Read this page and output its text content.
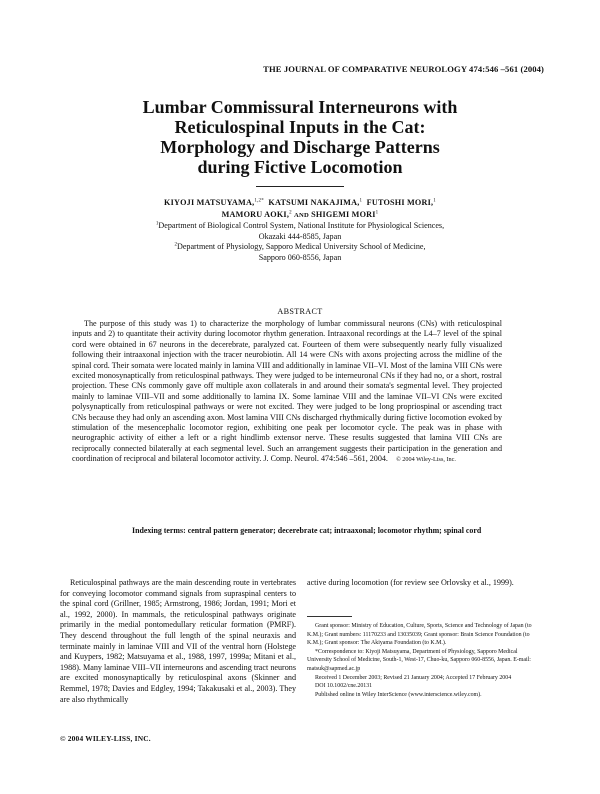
THE JOURNAL OF COMPARATIVE NEUROLOGY 474:546 –561 (2004)
Lumbar Commissural Interneurons with
Reticulospinal Inputs in the Cat:
Morphology and Discharge Patterns
during Fictive Locomotion
KIYOJI MATSUYAMA,$^{1,2*}$ KATSUMI NAKAJIMA,$^1$ FUTOSHI MORI,$^1$
MAMORU AOKI,$^2$ AND SHIGEMI MORI$^1$
$^1$Department of Biological Control System, National Institute for Physiological Sciences,
Okazaki 444-8585, Japan
$^2$Department of Physiology, Sapporo Medical University School of Medicine,
Sapporo 060-8556, Japan
ABSTRACT
The purpose of this study was 1) to characterize the morphology of lumbar commissural neurons (CNs) with reticulospinal inputs and 2) to quantitate their activity during locomotor rhythm generation. Intraaxonal recordings at the L4–7 level of the spinal cord were obtained in 67 neurons in the decerebrate, paralyzed cat. Fourteen of them were subsequently nearly fully visualized following their intraaxonal injection with the tracer neurobiotin. All 14 were CNs with axons projecting across the midline of the spinal cord. Their somata were located mainly in lamina VIII and additionally in laminae VII–VI. Most of the lamina VIII CNs were excited monosynaptically from reticulospinal pathways. They were judged to be interneuronal CNs if they had no, or a short, rostral projection. These CNs commonly gave off multiple axon collaterals in and around their somata's segmental level. They projected mainly to laminae VIII–VII and some additionally to lamina IX. Some laminae VIII and the laminae VII–VI CNs were excited polysynaptically from reticulospinal pathways or were not excited. They were judged to be long propriospinal or ascending tract CNs because they had only an ascending axon. Most lamina VIII CNs discharged rhythmically during fictive locomotion evoked by stimulation of the mesencephalic locomotor region, exhibiting one peak per locomotor cycle. The peak was in phase with neurographic activity of either a left or a right hindlimb extensor nerve. These results suggested that lamina VIII CNs are reciprocally connected bilaterally at each segmental level. Such an arrangement suggests their participation in the generation and coordination of reciprocal and bilateral locomotor activity. J. Comp. Neurol. 474:546 –561, 2004. © 2004 Wiley-Liss, Inc.
Indexing terms: central pattern generator; decerebrate cat; intraaxonal; locomotor rhythm; spinal cord
Reticulospinal pathways are the main descending route in vertebrates for conveying locomotor command signals from supraspinal centers to the spinal cord (Grillner, 1985; Armstrong, 1986; Jordan, 1991; Mori et al., 1992, 2000). In mammals, the reticulospinal pathways originate primarily in the medial pontomedullary reticular formation (PMRF). They descend throughout the full length of the spinal neuraxis and terminate mainly in laminae VIII and VII of the ventral horn (Holstege and Kuypers, 1982; Matsuyama et al., 1988, 1997, 1999a; Mitani et al., 1988). Many laminae VIII–VII interneurons and ascending tract neurons are excited monosynaptically by reticulospinal axons (Skinner and Remmel, 1978; Davies and Edgley, 1994; Takakusaki et al., 2003). They are also rhythmically
active during locomotion (for review see Orlovsky et al., 1999).

Grant sponsor: Ministry of Education, Culture, Sports, Science and Technology of Japan (to K.M.); Grant numbers: 11170233 and 13035039; Grant sponsor: Brain Science Foundation (to K.M.); Grant sponsor: The Akiyama Foundation (to K.M.).

*Correspondence to: Kiyoji Matsuyama, Department of Physiology, Sapporo Medical University School of Medicine, South-1, West-17, Chuo-ku, Sapporo 060-8556, Japan. E-mail: matsuk@sapmed.ac.jp

Received 1 December 2003; Revised 21 January 2004; Accepted 17 February 2004

DOI 10.1002/cne.20131

Published online in Wiley InterScience (www.interscience.wiley.com).

© 2004 WILEY-LISS, INC.
